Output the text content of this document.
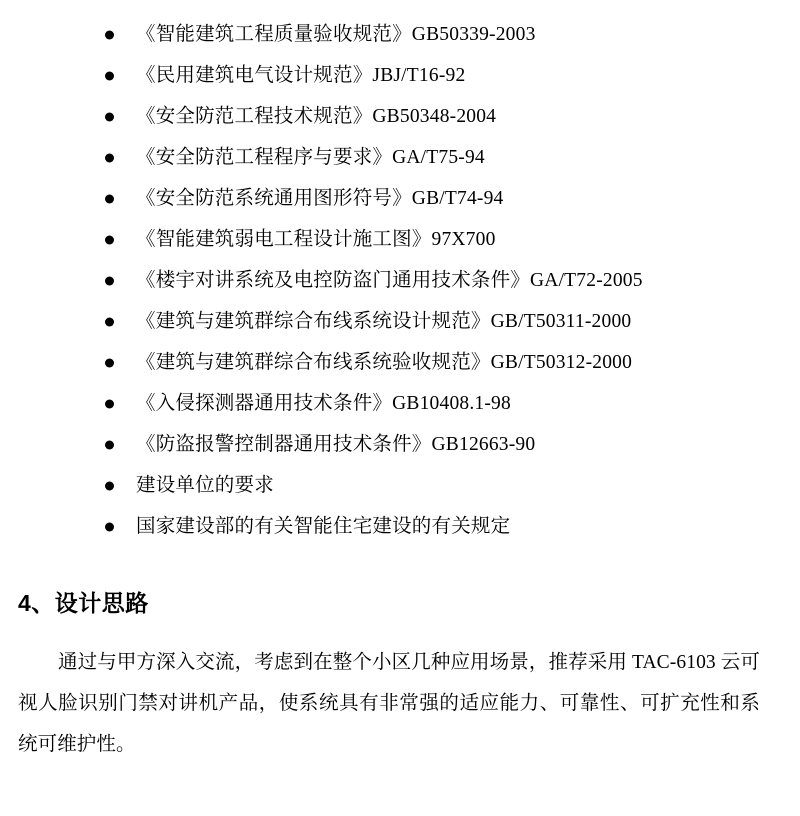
《智能建筑工程质量验收规范》GB50339-2003
《民用建筑电气设计规范》JBJ/T16-92
《安全防范工程技术规范》GB50348-2004
《安全防范工程程序与要求》GA/T75-94
《安全防范系统通用图形符号》GB/T74-94
《智能建筑弱电工程设计施工图》97X700
《楼宇对讲系统及电控防盗门通用技术条件》GA/T72-2005
《建筑与建筑群综合布线系统设计规范》GB/T50311-2000
《建筑与建筑群综合布线系统验收规范》GB/T50312-2000
《入侵探测器通用技术条件》GB10408.1-98
《防盗报警控制器通用技术条件》GB12663-90
建设单位的要求
国家建设部的有关智能住宅建设的有关规定
4、设计思路

通过与甲方深入交流，考虑到在整个小区几种应用场景，推荐采用 TAC-6103 云可视人脸识别门禁对讲机产品，使系统具有非常强的适应能力、可靠性、可扩充性和系统可维护性。
